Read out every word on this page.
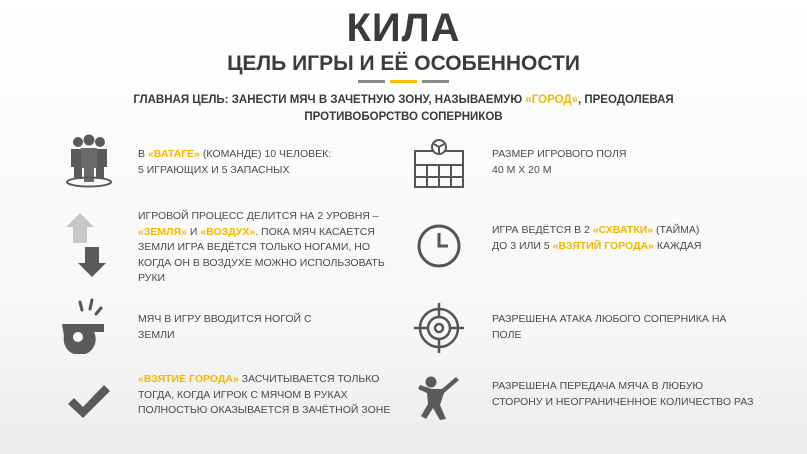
КИЛА
ЦЕЛЬ ИГРЫ И ЕЁ ОСОБЕННОСТИ
ГЛАВНАЯ ЦЕЛЬ: ЗАНЕСТИ МЯЧ В ЗАЧЕТНУЮ ЗОНУ, НАЗЫВАЕМУЮ «ГОРОД», ПРЕОДОЛЕВАЯ
ПРОТИВОБОРСТВО СОПЕРНИКОВ
В «ВАТАГЕ» (КОМАНДЕ) 10 ЧЕЛОВЕК:
5 ИГРАЮЩИХ И 5 ЗАПАСНЫХ
РАЗМЕР ИГРОВОГО ПОЛЯ
40 М Х 20 М
ИГРОВОЙ ПРОЦЕСС ДЕЛИТСЯ НА 2 УРОВНЯ –
«ЗЕМЛЯ» И «ВОЗДУХ». ПОКА МЯЧ КАСАЕТСЯ
ЗЕМЛИ ИГРА ВЕДЁТСЯ ТОЛЬКО НОГАМИ, НО
КОГДА ОН В ВОЗДУХЕ МОЖНО ИСПОЛЬЗОВАТЬ
РУКИ
ИГРА ВЕДЁТСЯ В 2 «СХВАТКИ» (ТАЙМА)
ДО 3 ИЛИ 5 «ВЗЯТИЙ ГОРОДА» КАЖДАЯ
МЯЧ В ИГРУ ВВОДИТСЯ НОГОЙ С
ЗЕМЛИ
РАЗРЕШЕНА АТАКА ЛЮБОГО СОПЕРНИКА НА
ПОЛЕ
«ВЗЯТИЕ ГОРОДА» ЗАСЧИТЫВАЕТСЯ ТОЛЬКО
ТОГДА, КОГДА ИГРОК С МЯЧОМ В РУКАХ
ПОЛНОСТЬЮ ОКАЗЫВАЕТСЯ В ЗАЧЁТНОЙ ЗОНЕ
РАЗРЕШЕНА ПЕРЕДАЧА МЯЧА В ЛЮБУЮ
СТОРОНУ И НЕОГРАНИЧЕННОЕ КОЛИЧЕСТВО РАЗ
